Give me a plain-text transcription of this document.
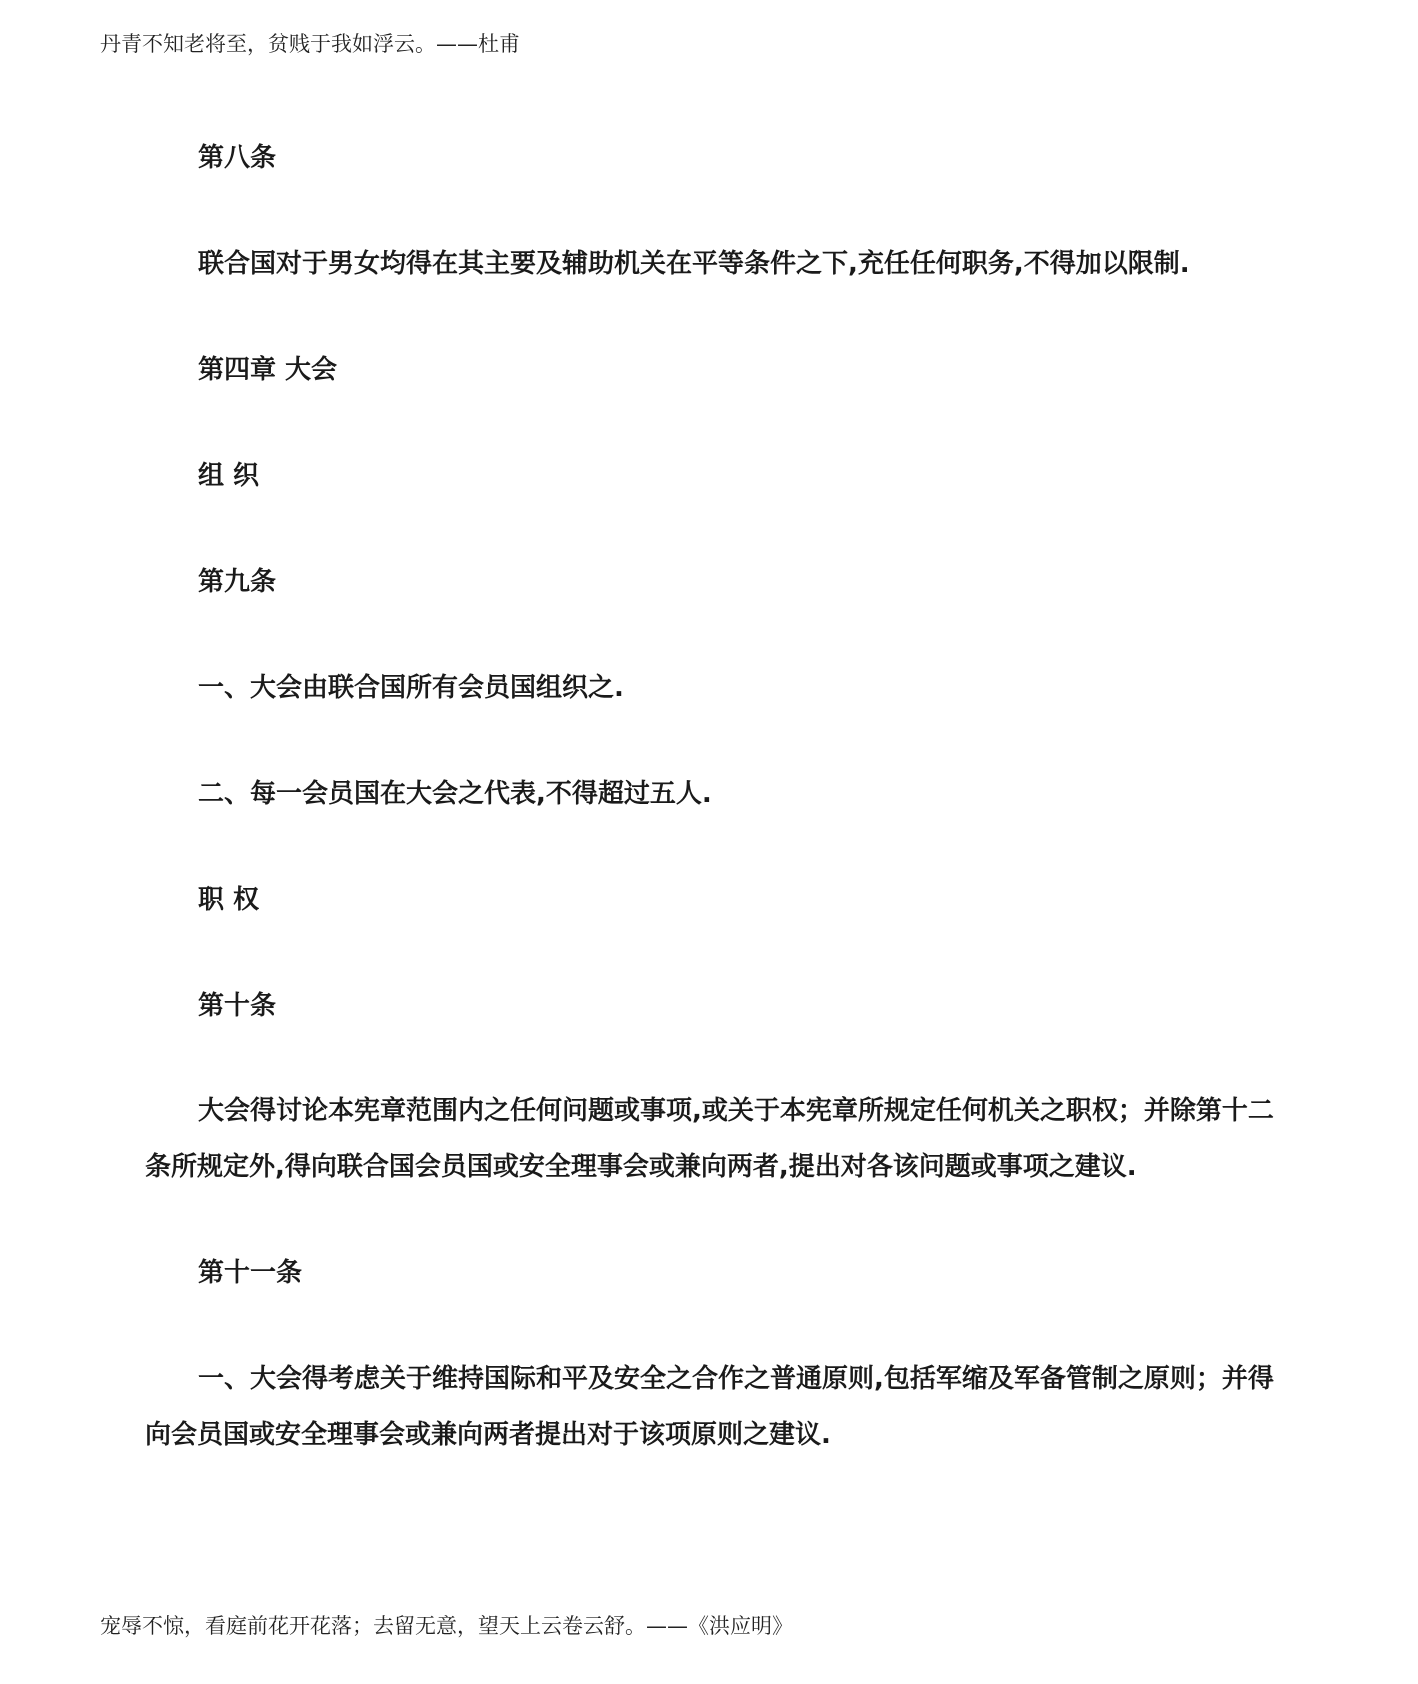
丹青不知老将至，贫贱于我如浮云。——杜甫
第八条
联合国对于男女均得在其主要及辅助机关在平等条件之下,充任任何职务,不得加以限制.
第四章 大会
组 织
第九条
一、大会由联合国所有会员国组织之.
二、每一会员国在大会之代表,不得超过五人.
职 权
第十条
大会得讨论本宪章范围内之任何问题或事项,或关于本宪章所规定任何机关之职权；并除第十二条所规定外,得向联合国会员国或安全理事会或兼向两者,提出对各该问题或事项之建议.
第十一条
一、大会得考虑关于维持国际和平及安全之合作之普通原则,包括军缩及军备管制之原则；并得向会员国或安全理事会或兼向两者提出对于该项原则之建议.
宠辱不惊，看庭前花开花落；去留无意，望天上云卷云舒。——《洪应明》
